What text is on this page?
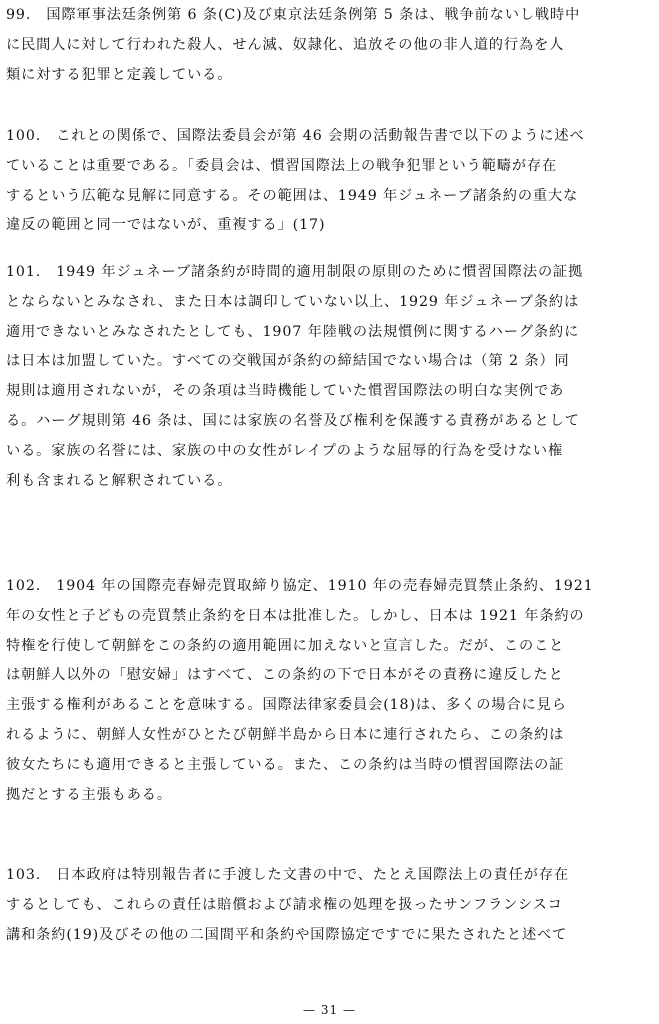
99.　国際軍事法廷条例第 6 条(C)及び東京法廷条例第 5 条は、戦争前ないし戦時中
に民間人に対して行われた殺人、せん滅、奴隷化、追放その他の非人道的行為を人
類に対する犯罪と定義している。
100.　これとの関係で、国際法委員会が第 46 会期の活動報告書で以下のように述べ
ていることは重要である。「委員会は、慣習国際法上の戦争犯罪という範疇が存在
するという広範な見解に同意する。その範囲は、1949 年ジュネーブ諸条約の重大な
違反の範囲と同一ではないが、重複する」(17)
101.　1949 年ジュネーブ諸条約が時間的適用制限の原則のために慣習国際法の証拠
とならないとみなされ、また日本は調印していない以上、1929 年ジュネーブ条約は
適用できないとみなされたとしても、1907 年陸戦の法規慣例に関するハーグ条約に
は日本は加盟していた。すべての交戦国が条約の締結国でない場合は（第 2 条）同
規則は適用されないが，その条項は当時機能していた慣習国際法の明白な実例であ
る。ハーグ規則第 46 条は、国には家族の名誉及び権利を保護する責務があるとして
いる。家族の名誉には、家族の中の女性がレイプのような屈辱的行為を受けない権
利も含まれると解釈されている。
102.　1904 年の国際売春婦売買取締り協定、1910 年の売春婦売買禁止条約、1921
年の女性と子どもの売買禁止条約を日本は批准した。しかし、日本は 1921 年条約の
特権を行使して朝鮮をこの条約の適用範囲に加えないと宣言した。だが、このこと
は朝鮮人以外の「慰安婦」はすべて、この条約の下で日本がその責務に違反したと
主張する権利があることを意味する。国際法律家委員会(18)は、多くの場合に見ら
れるように、朝鮮人女性がひとたび朝鮮半島から日本に連行されたら、この条約は
彼女たちにも適用できると主張している。また、この条約は当時の慣習国際法の証
拠だとする主張もある。
103.　日本政府は特別報告者に手渡した文書の中で、たとえ国際法上の責任が存在
するとしても、これらの責任は賠償および請求権の処理を扱ったサンフランシスコ
講和条約(19)及びその他の二国間平和条約や国際協定ですでに果たされたと述べて
— 31 —
